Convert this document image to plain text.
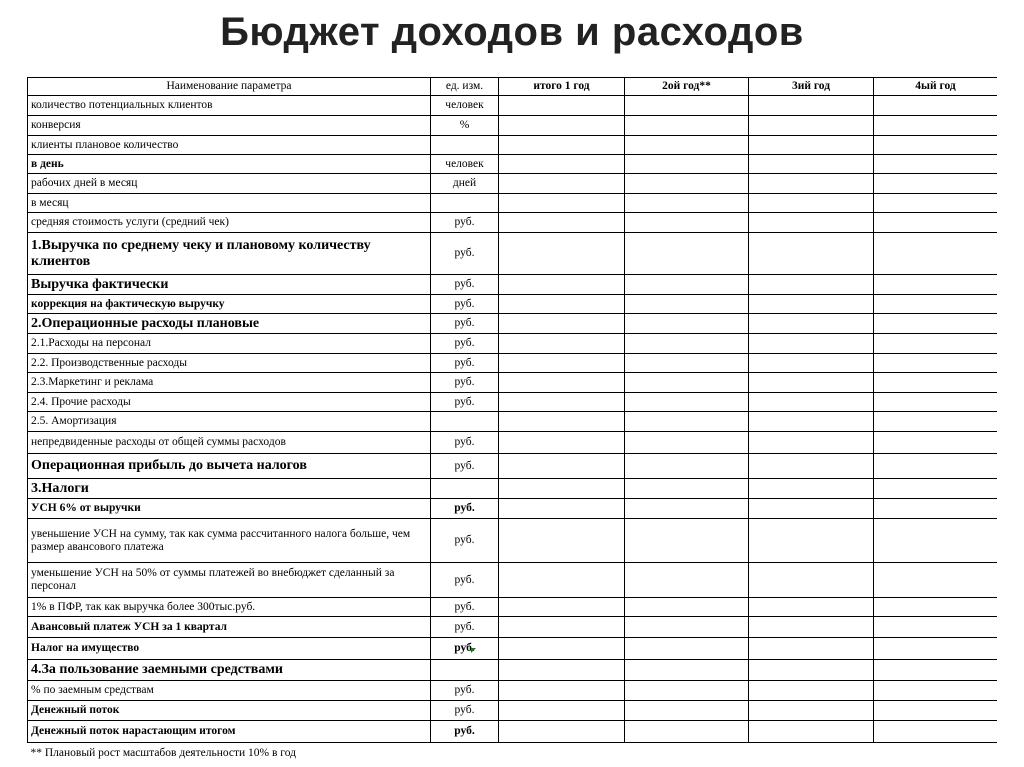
Бюджет доходов и расходов
Наименование параметра	ед. изм.	итого 1 год	2ой год**	3ий год	4ый год
количество потенциальных клиентов	человек				
конверсия	%				
клиенты плановое количество					
в день	человек				
рабочих дней в месяц	дней				
в месяц					
средняя стоимость услуги (средний чек)	руб.				
1.Выручка по среднему чеку и плановому количеству клиентов	руб.				
Выручка фактически	руб.				
коррекция на фактическую выручку	руб.				
2.Операционные расходы плановые	руб.				
2.1.Расходы на персонал	руб.				
2.2. Производственные расходы	руб.				
2.3.Маркетинг и реклама	руб.				
2.4. Прочие расходы	руб.				
2.5. Амортизация					
непредвиденные расходы от общей суммы расходов	руб.				
Операционная прибыль до вычета налогов	руб.				
3.Налоги					
УСН 6% от выручки	руб.				
увеньшение УСН на сумму, так как сумма рассчитанного налога больше, чем размер авансового платежа	руб.				
уменьшение УСН на 50% от суммы платежей во внебюджет сделанный за персонал	руб.				
1% в ПФР, так как выручка более 300тыс.руб.	руб.				
Авансовый платеж УСН за 1 квартал	руб.				
Налог на имущество	руб.				
4.За пользование заемными средствами					
% по заемным средствам	руб.				
Денежный поток	руб.				
Денежный поток нарастающим итогом	руб.				
** Плановый рост масштабов деятельности 10% в год					
